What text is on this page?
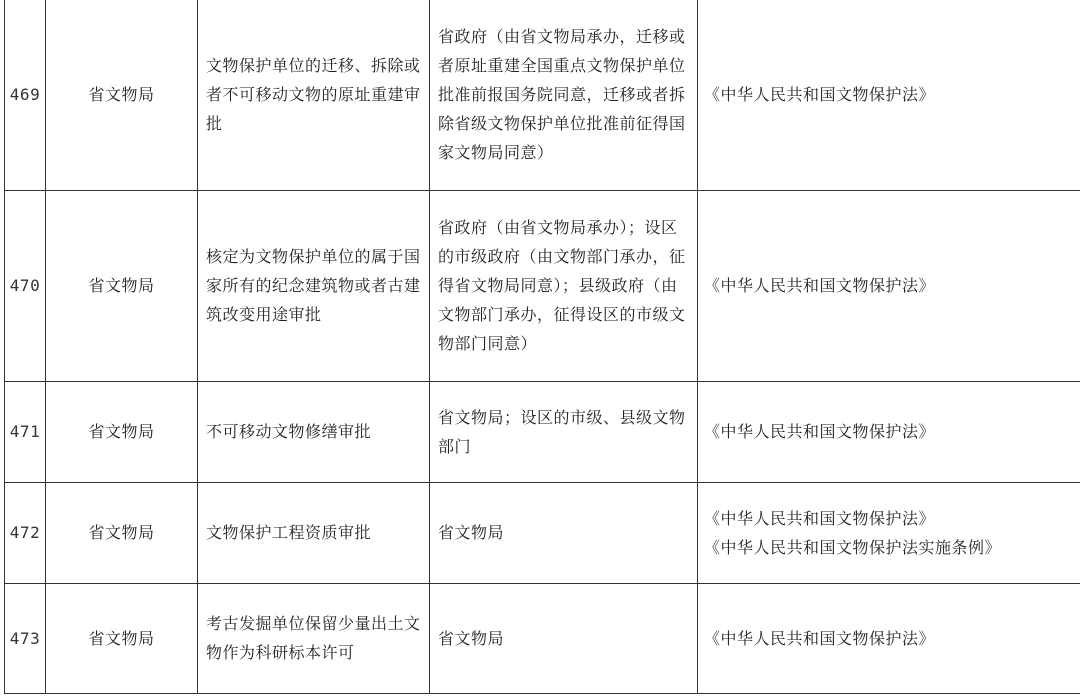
469	省文物局	文物保护单位的迁移、拆除或者不可移动文物的原址重建审批	省政府（由省文物局承办，迁移或者原址重建全国重点文物保护单位批准前报国务院同意，迁移或者拆除省级文物保护单位批准前征得国家文物局同意）	《中华人民共和国文物保护法》

470	省文物局	核定为文物保护单位的属于国家所有的纪念建筑物或者古建筑改变用途审批	省政府（由省文物局承办）；设区的市级政府（由文物部门承办，征得省文物局同意）；县级政府（由文物部门承办，征得设区的市级文物部门同意）	《中华人民共和国文物保护法》

471	省文物局	不可移动文物修缮审批	省文物局；设区的市级、县级文物部门	《中华人民共和国文物保护法》

472	省文物局	文物保护工程资质审批	省文物局	《中华人民共和国文物保护法》
《中华人民共和国文物保护法实施条例》

473	省文物局	考古发掘单位保留少量出土文物作为科研标本许可	省文物局	《中华人民共和国文物保护法》
